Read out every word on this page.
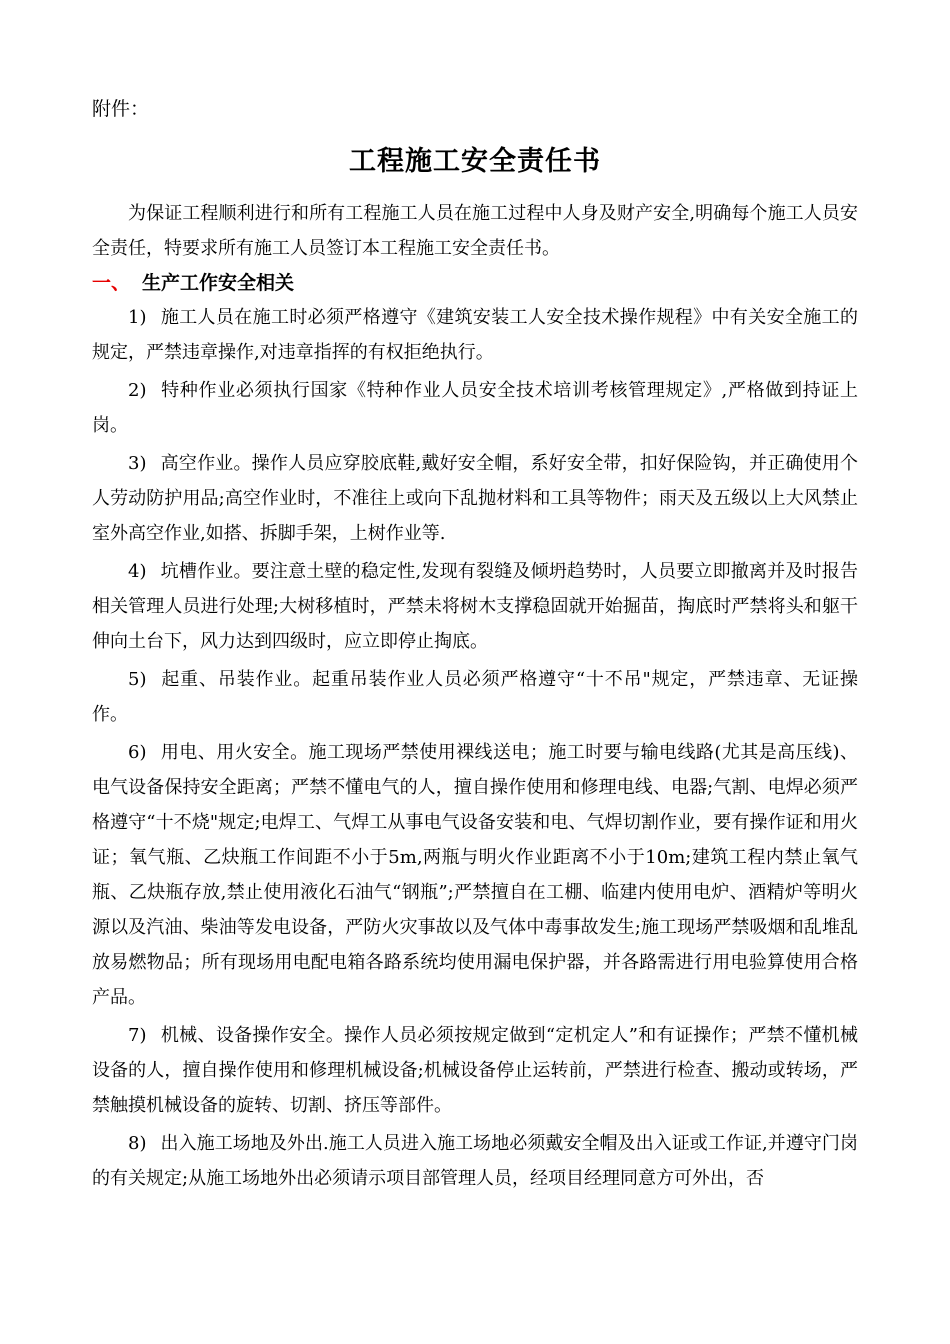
附件：

工程施工安全责任书

为保证工程顺利进行和所有工程施工人员在施工过程中人身及财产安全,明确每个施工人员安全责任，特要求所有施工人员签订本工程施工安全责任书。

一、 生产工作安全相关

1) 施工人员在施工时必须严格遵守《建筑安装工人安全技术操作规程》中有关安全施工的规定，严禁违章操作,对违章指挥的有权拒绝执行。

2) 特种作业必须执行国家《特种作业人员安全技术培训考核管理规定》,严格做到持证上岗。

3) 高空作业。操作人员应穿胶底鞋,戴好安全帽，系好安全带，扣好保险钩，并正确使用个人劳动防护用品;高空作业时，不准往上或向下乱抛材料和工具等物件；雨天及五级以上大风禁止室外高空作业,如搭、拆脚手架，上树作业等.

4) 坑槽作业。要注意土壁的稳定性,发现有裂缝及倾坍趋势时，人员要立即撤离并及时报告相关管理人员进行处理;大树移植时，严禁未将树木支撑稳固就开始掘苗，掏底时严禁将头和躯干伸向土台下，风力达到四级时，应立即停止掏底。

5) 起重、吊装作业。起重吊装作业人员必须严格遵守“十不吊"规定，严禁违章、无证操作。

6) 用电、用火安全。施工现场严禁使用裸线送电；施工时要与输电线路(尤其是高压线)、电气设备保持安全距离；严禁不懂电气的人，擅自操作使用和修理电线、电器;气割、电焊必须严格遵守“十不烧"规定;电焊工、气焊工从事电气设备安装和电、气焊切割作业，要有操作证和用火证；氧气瓶、乙炔瓶工作间距不小于5m,两瓶与明火作业距离不小于10m;建筑工程内禁止氧气瓶、乙炔瓶存放,禁止使用液化石油气“钢瓶”;严禁擅自在工棚、临建内使用电炉、酒精炉等明火源以及汽油、柴油等发电设备，严防火灾事故以及气体中毒事故发生;施工现场严禁吸烟和乱堆乱放易燃物品；所有现场用电配电箱各路系统均使用漏电保护器，并各路需进行用电验算使用合格产品。

7) 机械、设备操作安全。操作人员必须按规定做到“定机定人”和有证操作；严禁不懂机械设备的人，擅自操作使用和修理机械设备;机械设备停止运转前，严禁进行检查、搬动或转场，严禁触摸机械设备的旋转、切割、挤压等部件。

8) 出入施工场地及外出.施工人员进入施工场地必须戴安全帽及出入证或工作证,并遵守门岗的有关规定;从施工场地外出必须请示项目部管理人员，经项目经理同意方可外出，否
